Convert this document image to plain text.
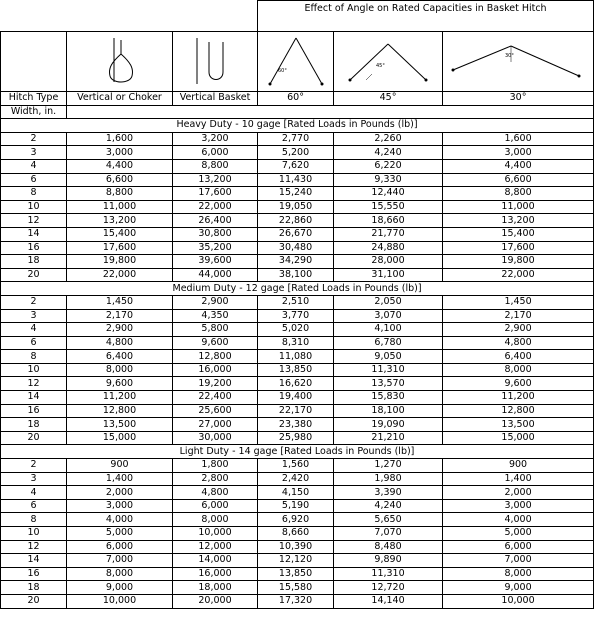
			Effect of Angle on Rated Capacities in Basket Hitch		

60°	45°	30°

Hitch Type	Vertical or Choker	Vertical Basket	60°	45°	30°
Width, in.					
Heavy Duty - 10 gage [Rated Loads in Pounds (lb)]					
2	1,600	3,200	2,770	2,260	1,600
3	3,000	6,000	5,200	4,240	3,000
4	4,400	8,800	7,620	6,220	4,400
6	6,600	13,200	11,430	9,330	6,600
8	8,800	17,600	15,240	12,440	8,800
10	11,000	22,000	19,050	15,550	11,000
12	13,200	26,400	22,860	18,660	13,200
14	15,400	30,800	26,670	21,770	15,400
16	17,600	35,200	30,480	24,880	17,600
18	19,800	39,600	34,290	28,000	19,800
20	22,000	44,000	38,100	31,100	22,000
Medium Duty - 12 gage [Rated Loads in Pounds (lb)]					
2	1,450	2,900	2,510	2,050	1,450
3	2,170	4,350	3,770	3,070	2,170
4	2,900	5,800	5,020	4,100	2,900
6	4,800	9,600	8,310	6,780	4,800
8	6,400	12,800	11,080	9,050	6,400
10	8,000	16,000	13,850	11,310	8,000
12	9,600	19,200	16,620	13,570	9,600
14	11,200	22,400	19,400	15,830	11,200
16	12,800	25,600	22,170	18,100	12,800
18	13,500	27,000	23,380	19,090	13,500
20	15,000	30,000	25,980	21,210	15,000
Light Duty - 14 gage [Rated Loads in Pounds (lb)]					
2	900	1,800	1,560	1,270	900
3	1,400	2,800	2,420	1,980	1,400
4	2,000	4,800	4,150	3,390	2,000
6	3,000	6,000	5,190	4,240	3,000
8	4,000	8,000	6,920	5,650	4,000
10	5,000	10,000	8,660	7,070	5,000
12	6,000	12,000	10,390	8,480	6,000
14	7,000	14,000	12,120	9,890	7,000
16	8,000	16,000	13,850	11,310	8,000
18	9,000	18,000	15,580	12,720	9,000
20	10,000	20,000	17,320	14,140	10,000
